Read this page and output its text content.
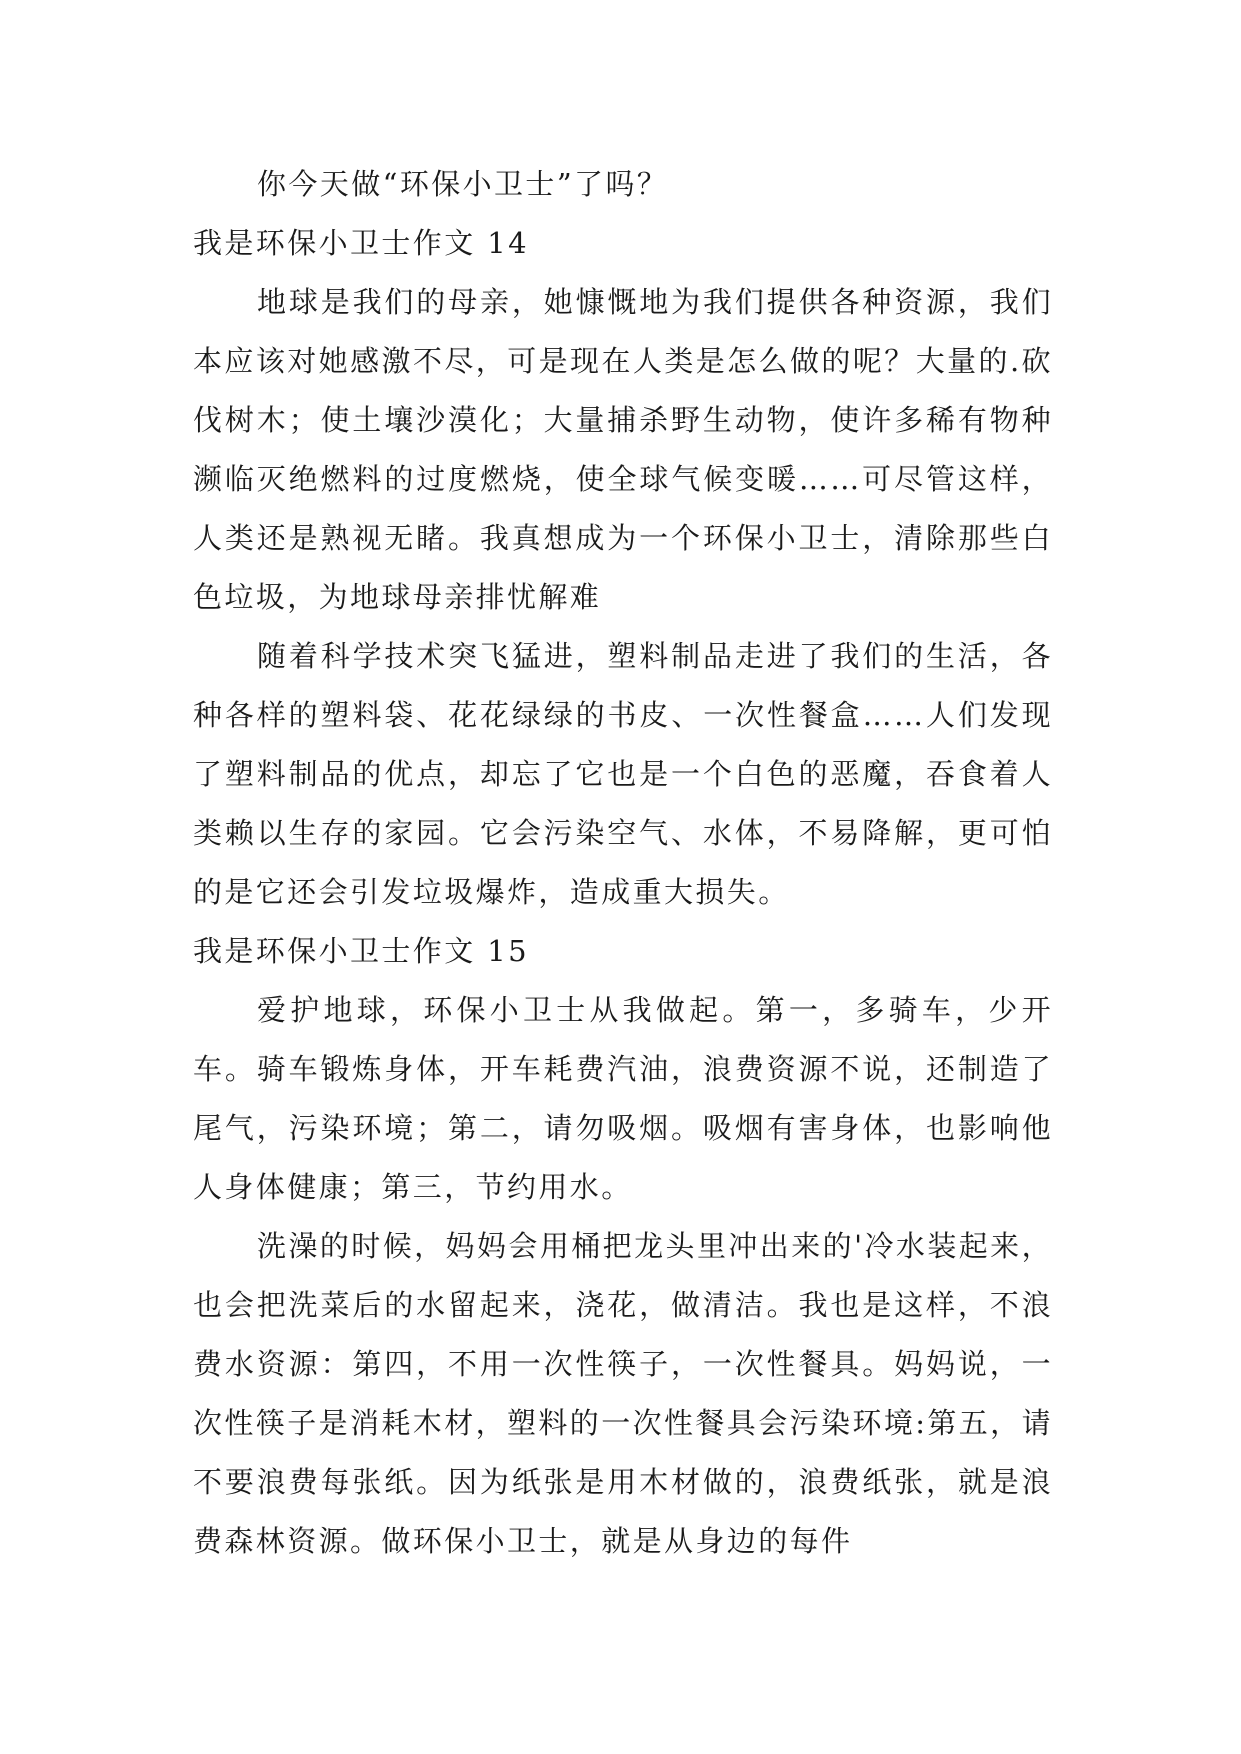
你今天做“环保小卫士”了吗？

我是环保小卫士作文 14

地球是我们的母亲，她慷慨地为我们提供各种资源，我们本应该对她感激不尽，可是现在人类是怎么做的呢？大量的.砍伐树木；使土壤沙漠化；大量捕杀野生动物，使许多稀有物种濒临灭绝燃料的过度燃烧，使全球气候变暖……可尽管这样，人类还是熟视无睹。我真想成为一个环保小卫士，清除那些白色垃圾，为地球母亲排忧解难

随着科学技术突飞猛进，塑料制品走进了我们的生活，各种各样的塑料袋、花花绿绿的书皮、一次性餐盒……人们发现了塑料制品的优点，却忘了它也是一个白色的恶魔，吞食着人类赖以生存的家园。它会污染空气、水体，不易降解，更可怕的是它还会引发垃圾爆炸，造成重大损失。

我是环保小卫士作文 15

爱护地球，环保小卫士从我做起。第一，多骑车，少开车。骑车锻炼身体，开车耗费汽油，浪费资源不说，还制造了尾气，污染环境；第二，请勿吸烟。吸烟有害身体，也影响他人身体健康；第三，节约用水。

洗澡的时候，妈妈会用桶把龙头里冲出来的'冷水装起来，也会把洗菜后的水留起来，浇花，做清洁。我也是这样，不浪费水资源：第四，不用一次性筷子，一次性餐具。妈妈说，一次性筷子是消耗木材，塑料的一次性餐具会污染环境:第五，请不要浪费每张纸。因为纸张是用木材做的，浪费纸张，就是浪费森林资源。做环保小卫士，就是从身边的每件
